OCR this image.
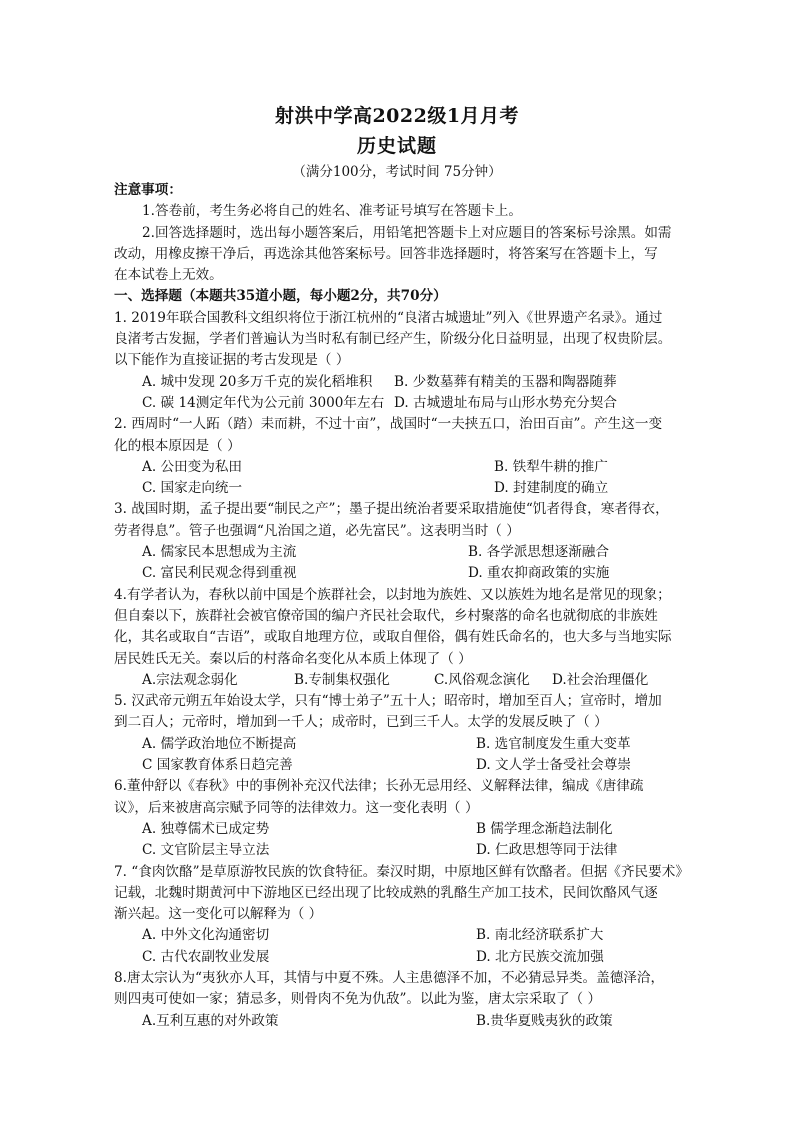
射洪中学高2022级1月月考
历史试题
（满分100分，考试时间 75分钟）
注意事项：
1.答卷前，考生务必将自己的姓名、准考证号填写在答题卡上。
2.回答选择题时，选出每小题答案后，用铅笔把答题卡上对应题目的答案标号涂黑。如需
改动，用橡皮擦干净后，再选涂其他答案标号。回答非选择题时，将答案写在答题卡上，写
在本试卷上无效。
一、选择题（本题共35道小题，每小题2分，共70分）
1. 2019年联合国教科文组织将位于浙江杭州的“良渚古城遗址”列入《世界遗产名录》。通过
良渚考古发掘，学者们普遍认为当时私有制已经产生，阶级分化日益明显，出现了权贵阶层。
以下能作为直接证据的考古发现是（ ）
A. 城中发现 20多万千克的炭化稻堆积	B. 少数墓葬有精美的玉器和陶器随葬
C. 碳 14测定年代为公元前 3000年左右 D. 古城遗址布局与山形水势充分契合
2. 西周时“一人跖（踏）耒而耕，不过十亩”，战国时“一夫挟五口，治田百亩”。产生这一变
化的根本原因是（ ）
A. 公田变为私田	B. 铁犁牛耕的推广
C. 国家走向统一	D. 封建制度的确立
3. 战国时期，孟子提出要“制民之产”；墨子提出统治者要采取措施使“饥者得食，寒者得衣，
劳者得息”。管子也强调“凡治国之道，必先富民”。这表明当时（ ）
A. 儒家民本思想成为主流	B. 各学派思想逐渐融合
C. 富民利民观念得到重视	D. 重农抑商政策的实施
4.有学者认为，春秋以前中国是个族群社会，以封地为族姓、又以族姓为地名是常见的现象；
但自秦以下，族群社会被官僚帝国的编户齐民社会取代，乡村聚落的命名也就彻底的非族姓
化，其名或取自“吉语”，或取自地理方位，或取自俚俗，偶有姓氏命名的，也大多与当地实际
居民姓氏无关。秦以后的村落命名变化从本质上体现了（ ）
A.宗法观念弱化	B.专制集权强化	C.风俗观念演化	D.社会治理僵化
5. 汉武帝元朔五年始设太学，只有“博士弟子”五十人；昭帝时，增加至百人；宣帝时，增加
到二百人；元帝时，增加到一千人；成帝时，已到三千人。太学的发展反映了（ ）
A. 儒学政治地位不断提高	B. 选官制度发生重大变革
C 国家教育体系日趋完善	D. 文人学士备受社会尊崇
6.董仲舒以《春秋》中的事例补充汉代法律；长孙无忌用经、义解释法律，编成《唐律疏
议》，后来被唐高宗赋予同等的法律效力。这一变化表明（ ）
A. 独尊儒术已成定势	B 儒学理念渐趋法制化
C. 文官阶层主导立法	D. 仁政思想等同于法律
7. “食肉饮酪”是草原游牧民族的饮食特征。秦汉时期，中原地区鲜有饮酪者。但据《齐民要术》
记载，北魏时期黄河中下游地区已经出现了比较成熟的乳酪生产加工技术，民间饮酪风气逐
渐兴起。这一变化可以解释为（ ）
A. 中外文化沟通密切	B. 南北经济联系扩大
C. 古代农副牧业发展	D. 北方民族交流加强
8.唐太宗认为“夷狄亦人耳，其情与中夏不殊。人主患德泽不加，不必猜忌异类。盖德泽洽，
则四夷可使如一家；猜忌多，则骨肉不免为仇敌”。以此为鉴，唐太宗采取了（ ）
A.互利互惠的对外政策	B.贵华夏贱夷狄的政策
